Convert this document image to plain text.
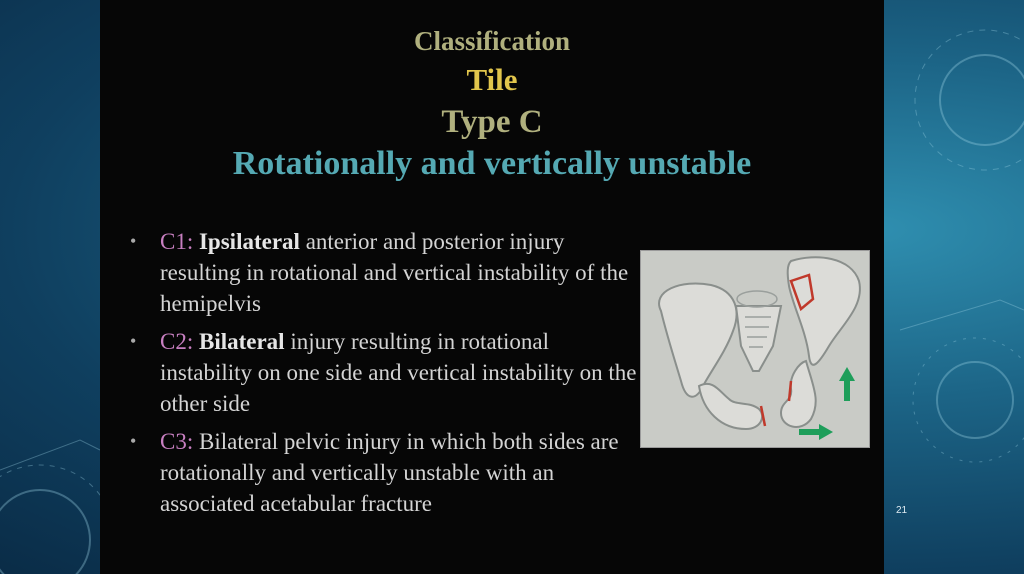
Classification
Tile
Type C
Rotationally and vertically unstable
• C1: Ipsilateral anterior and posterior injury resulting in rotational and vertical instability of the hemipelvis
• C2: Bilateral injury resulting in rotational instability on one side and vertical instability on the other side
• C3: Bilateral pelvic injury in which both sides are rotationally and vertically unstable with an associated acetabular fracture	21
